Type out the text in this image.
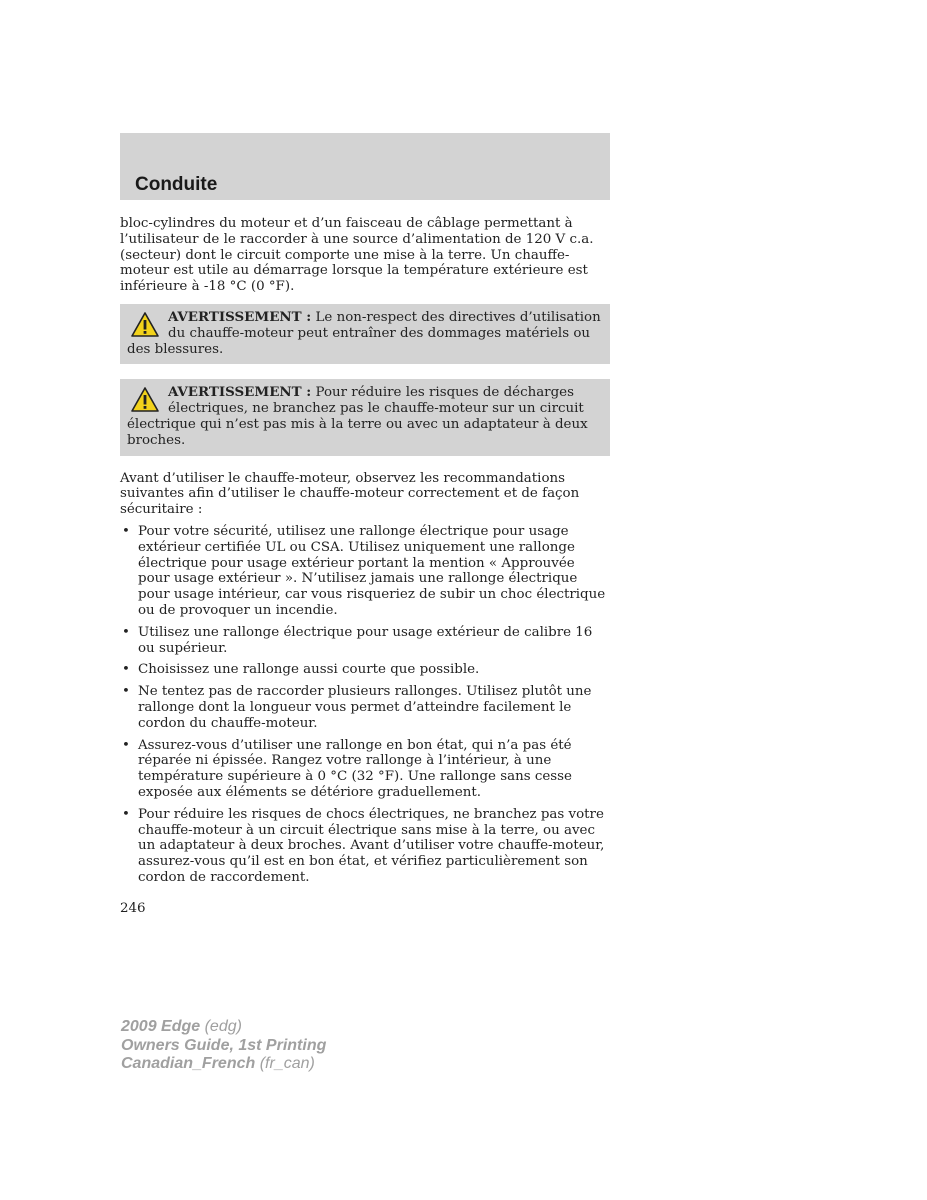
Conduite

bloc-cylindres du moteur et d’un faisceau de câblage permettant à l’utilisateur de le raccorder à une source d’alimentation de 120 V c.a. (secteur) dont le circuit comporte une mise à la terre. Un chauffe-moteur est utile au démarrage lorsque la température extérieure est inférieure à -18 °C (0 °F).

AVERTISSEMENT : Le non-respect des directives d’utilisation du chauffe-moteur peut entraîner des dommages matériels ou des blessures.
AVERTISSEMENT : Pour réduire les risques de décharges électriques, ne branchez pas le chauffe-moteur sur un circuit électrique qui n’est pas mis à la terre ou avec un adaptateur à deux broches.

Avant d’utiliser le chauffe-moteur, observez les recommandations suivantes afin d’utiliser le chauffe-moteur correctement et de façon sécuritaire :

• Pour votre sécurité, utilisez une rallonge électrique pour usage extérieur certifiée UL ou CSA. Utilisez uniquement une rallonge électrique pour usage extérieur portant la mention « Approuvée pour usage extérieur ». N’utilisez jamais une rallonge électrique pour usage intérieur, car vous risqueriez de subir un choc électrique ou de provoquer un incendie.
• Utilisez une rallonge électrique pour usage extérieur de calibre 16 ou supérieur.
• Choisissez une rallonge aussi courte que possible.
• Ne tentez pas de raccorder plusieurs rallonges. Utilisez plutôt une rallonge dont la longueur vous permet d’atteindre facilement le cordon du chauffe-moteur.
• Assurez-vous d’utiliser une rallonge en bon état, qui n’a pas été réparée ni épissée. Rangez votre rallonge à l’intérieur, à une température supérieure à 0 °C (32 °F). Une rallonge sans cesse exposée aux éléments se détériore graduellement.
• Pour réduire les risques de chocs électriques, ne branchez pas votre chauffe-moteur à un circuit électrique sans mise à la terre, ou avec un adaptateur à deux broches. Avant d’utiliser votre chauffe-moteur, assurez-vous qu’il est en bon état, et vérifiez particulièrement son cordon de raccordement.
246
2009 Edge (edg)
Owners Guide, 1st Printing
Canadian_French (fr_can)
